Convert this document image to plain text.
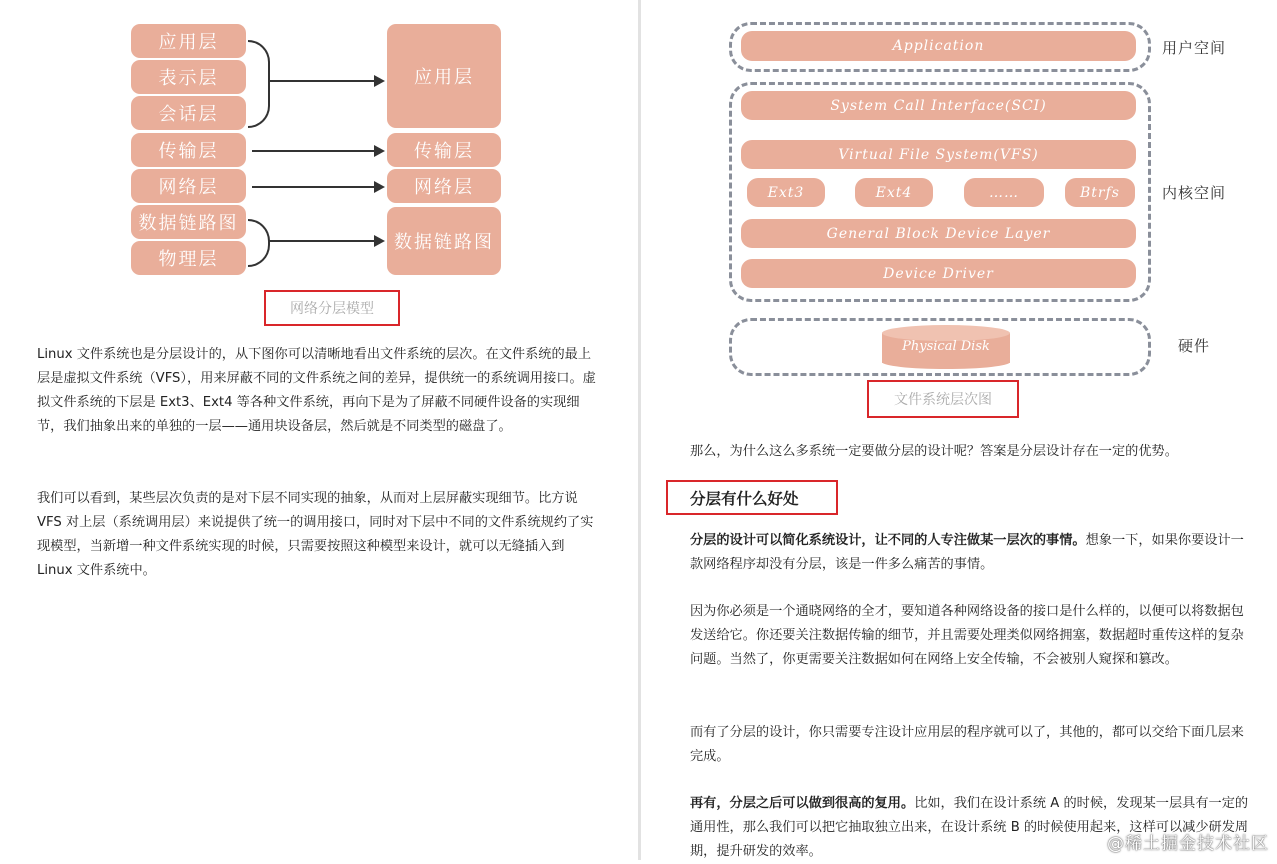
应用层
表示层
会话层
传输层
网络层
数据链路图
物理层
应用层
传输层
网络层
数据链路图
网络分层模型
Linux 文件系统也是分层设计的，从下图你可以清晰地看出文件系统的层次。在文件系统的最上层是虚拟文件系统（VFS），用来屏蔽不同的文件系统之间的差异，提供统一的系统调用接口。虚拟文件系统的下层是 Ext3、Ext4 等各种文件系统，再向下是为了屏蔽不同硬件设备的实现细节，我们抽象出来的单独的一层——通用块设备层，然后就是不同类型的磁盘了。
我们可以看到，某些层次负责的是对下层不同实现的抽象，从而对上层屏蔽实现细节。比方说 VFS 对上层（系统调用层）来说提供了统一的调用接口，同时对下层中不同的文件系统规约了实现模型，当新增一种文件系统实现的时候，只需要按照这种模型来设计，就可以无缝插入到 Linux 文件系统中。
Application	用户空间
System Call Interface(SCI)
Virtual File System(VFS)
Ext3	Ext4	……	Btrfs
General Block Device Layer
Device Driver
内核空间
Physical Disk	硬件
文件系统层次图
那么，为什么这么多系统一定要做分层的设计呢？答案是分层设计存在一定的优势。
分层有什么好处
分层的设计可以简化系统设计，让不同的人专注做某一层次的事情。想象一下，如果你要设计一款网络程序却没有分层，该是一件多么痛苦的事情。
因为你必须是一个通晓网络的全才，要知道各种网络设备的接口是什么样的，以便可以将数据包发送给它。你还要关注数据传输的细节，并且需要处理类似网络拥塞，数据超时重传这样的复杂问题。当然了，你更需要关注数据如何在网络上安全传输，不会被别人窥探和篡改。
而有了分层的设计，你只需要专注设计应用层的程序就可以了，其他的，都可以交给下面几层来完成。
再有，分层之后可以做到很高的复用。比如，我们在设计系统 A 的时候，发现某一层具有一定的通用性，那么我们可以把它抽取独立出来，在设计系统 B 的时候使用起来，这样可以减少研发周期，提升研发的效率。	@稀土掘金技术社区
